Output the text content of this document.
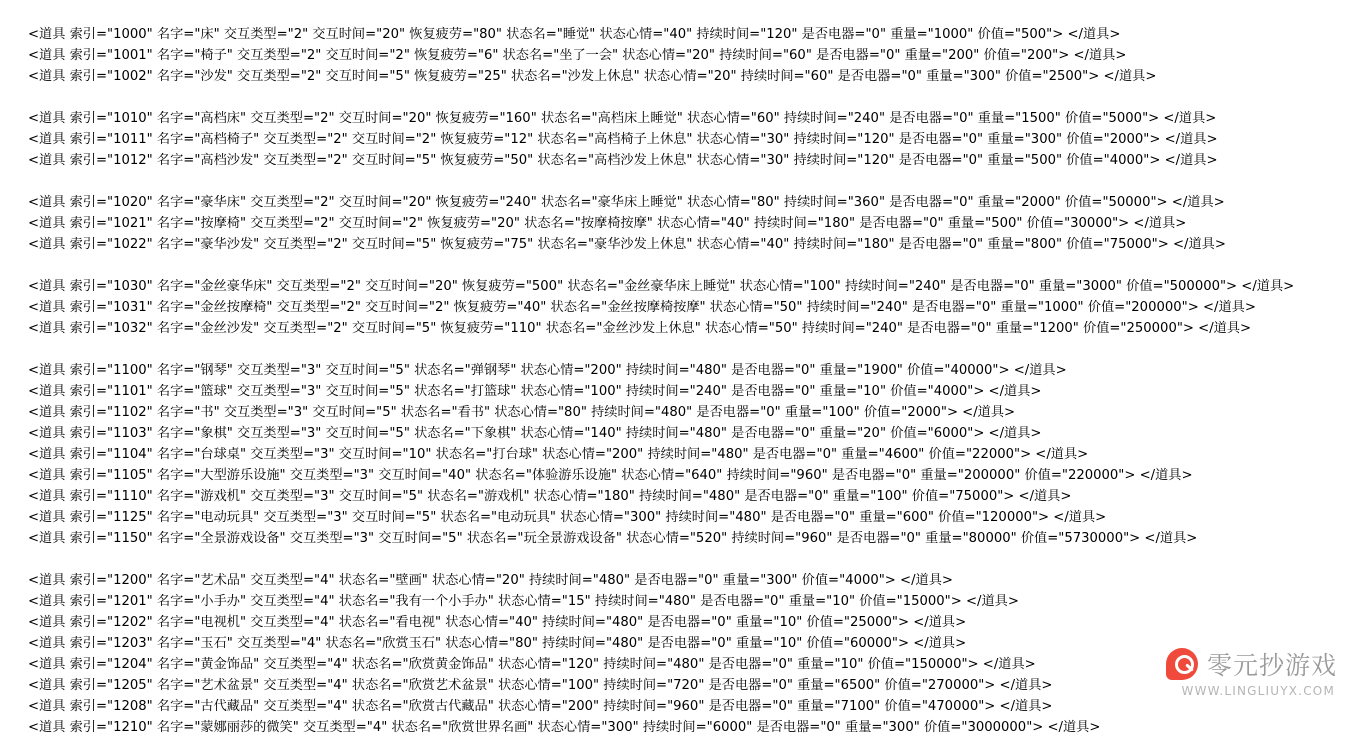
<道具 索引="1000" 名字="床" 交互类型="2" 交互时间="20" 恢复疲劳="80" 状态名="睡觉" 状态心情="40" 持续时间="120" 是否电器="0" 重量="1000" 价值="500"> </道具>
<道具 索引="1001" 名字="椅子" 交互类型="2" 交互时间="2" 恢复疲劳="6" 状态名="坐了一会" 状态心情="20" 持续时间="60" 是否电器="0" 重量="200" 价值="200"> </道具>
<道具 索引="1002" 名字="沙发" 交互类型="2" 交互时间="5" 恢复疲劳="25" 状态名="沙发上休息" 状态心情="20" 持续时间="60" 是否电器="0" 重量="300" 价值="2500"> </道具>
<道具 索引="1010" 名字="高档床" 交互类型="2" 交互时间="20" 恢复疲劳="160" 状态名="高档床上睡觉" 状态心情="60" 持续时间="240" 是否电器="0" 重量="1500" 价值="5000"> </道具>
<道具 索引="1011" 名字="高档椅子" 交互类型="2" 交互时间="2" 恢复疲劳="12" 状态名="高档椅子上休息" 状态心情="30" 持续时间="120" 是否电器="0" 重量="300" 价值="2000"> </道具>
<道具 索引="1012" 名字="高档沙发" 交互类型="2" 交互时间="5" 恢复疲劳="50" 状态名="高档沙发上休息" 状态心情="30" 持续时间="120" 是否电器="0" 重量="500" 价值="4000"> </道具>
<道具 索引="1020" 名字="豪华床" 交互类型="2" 交互时间="20" 恢复疲劳="240" 状态名="豪华床上睡觉" 状态心情="80" 持续时间="360" 是否电器="0" 重量="2000" 价值="50000"> </道具>
<道具 索引="1021" 名字="按摩椅" 交互类型="2" 交互时间="2" 恢复疲劳="20" 状态名="按摩椅按摩" 状态心情="40" 持续时间="180" 是否电器="0" 重量="500" 价值="30000"> </道具>
<道具 索引="1022" 名字="豪华沙发" 交互类型="2" 交互时间="5" 恢复疲劳="75" 状态名="豪华沙发上休息" 状态心情="40" 持续时间="180" 是否电器="0" 重量="800" 价值="75000"> </道具>
<道具 索引="1030" 名字="金丝豪华床" 交互类型="2" 交互时间="20" 恢复疲劳="500" 状态名="金丝豪华床上睡觉" 状态心情="100" 持续时间="240" 是否电器="0" 重量="3000" 价值="500000"> </道具>
<道具 索引="1031" 名字="金丝按摩椅" 交互类型="2" 交互时间="2" 恢复疲劳="40" 状态名="金丝按摩椅按摩" 状态心情="50" 持续时间="240" 是否电器="0" 重量="1000" 价值="200000"> </道具>
<道具 索引="1032" 名字="金丝沙发" 交互类型="2" 交互时间="5" 恢复疲劳="110" 状态名="金丝沙发上休息" 状态心情="50" 持续时间="240" 是否电器="0" 重量="1200" 价值="250000"> </道具>
<道具 索引="1100" 名字="钢琴" 交互类型="3" 交互时间="5" 状态名="弹钢琴" 状态心情="200" 持续时间="480" 是否电器="0" 重量="1900" 价值="40000"> </道具>
<道具 索引="1101" 名字="篮球" 交互类型="3" 交互时间="5" 状态名="打篮球" 状态心情="100" 持续时间="240" 是否电器="0" 重量="10" 价值="4000"> </道具>
<道具 索引="1102" 名字="书" 交互类型="3" 交互时间="5" 状态名="看书" 状态心情="80" 持续时间="480" 是否电器="0" 重量="100" 价值="2000"> </道具>
<道具 索引="1103" 名字="象棋" 交互类型="3" 交互时间="5" 状态名="下象棋" 状态心情="140" 持续时间="480" 是否电器="0" 重量="20" 价值="6000"> </道具>
<道具 索引="1104" 名字="台球桌" 交互类型="3" 交互时间="10" 状态名="打台球" 状态心情="200" 持续时间="480" 是否电器="0" 重量="4600" 价值="22000"> </道具>
<道具 索引="1105" 名字="大型游乐设施" 交互类型="3" 交互时间="40" 状态名="体验游乐设施" 状态心情="640" 持续时间="960" 是否电器="0" 重量="200000" 价值="220000"> </道具>
<道具 索引="1110" 名字="游戏机" 交互类型="3" 交互时间="5" 状态名="游戏机" 状态心情="180" 持续时间="480" 是否电器="0" 重量="100" 价值="75000"> </道具>
<道具 索引="1125" 名字="电动玩具" 交互类型="3" 交互时间="5" 状态名="电动玩具" 状态心情="300" 持续时间="480" 是否电器="0" 重量="600" 价值="120000"> </道具>
<道具 索引="1150" 名字="全景游戏设备" 交互类型="3" 交互时间="5" 状态名="玩全景游戏设备" 状态心情="520" 持续时间="960" 是否电器="0" 重量="80000" 价值="5730000"> </道具>
<道具 索引="1200" 名字="艺术品" 交互类型="4" 状态名="壁画" 状态心情="20" 持续时间="480" 是否电器="0" 重量="300" 价值="4000"> </道具>
<道具 索引="1201" 名字="小手办" 交互类型="4" 状态名="我有一个小手办" 状态心情="15" 持续时间="480" 是否电器="0" 重量="10" 价值="15000"> </道具>
<道具 索引="1202" 名字="电视机" 交互类型="4" 状态名="看电视" 状态心情="40" 持续时间="480" 是否电器="0" 重量="10" 价值="25000"> </道具>
<道具 索引="1203" 名字="玉石" 交互类型="4" 状态名="欣赏玉石" 状态心情="80" 持续时间="480" 是否电器="0" 重量="10" 价值="60000"> </道具>
<道具 索引="1204" 名字="黄金饰品" 交互类型="4" 状态名="欣赏黄金饰品" 状态心情="120" 持续时间="480" 是否电器="0" 重量="10" 价值="150000"> </道具>
<道具 索引="1205" 名字="艺术盆景" 交互类型="4" 状态名="欣赏艺术盆景" 状态心情="100" 持续时间="720" 是否电器="0" 重量="6500" 价值="270000"> </道具>
<道具 索引="1208" 名字="古代藏品" 交互类型="4" 状态名="欣赏古代藏品" 状态心情="200" 持续时间="960" 是否电器="0" 重量="7100" 价值="470000"> </道具>
<道具 索引="1210" 名字="蒙娜丽莎的微笑" 交互类型="4" 状态名="欣赏世界名画" 状态心情="300" 持续时间="6000" 是否电器="0" 重量="300" 价值="3000000"> </道具>
零元抄游戏
WWW.LINGLIUYX.COM
